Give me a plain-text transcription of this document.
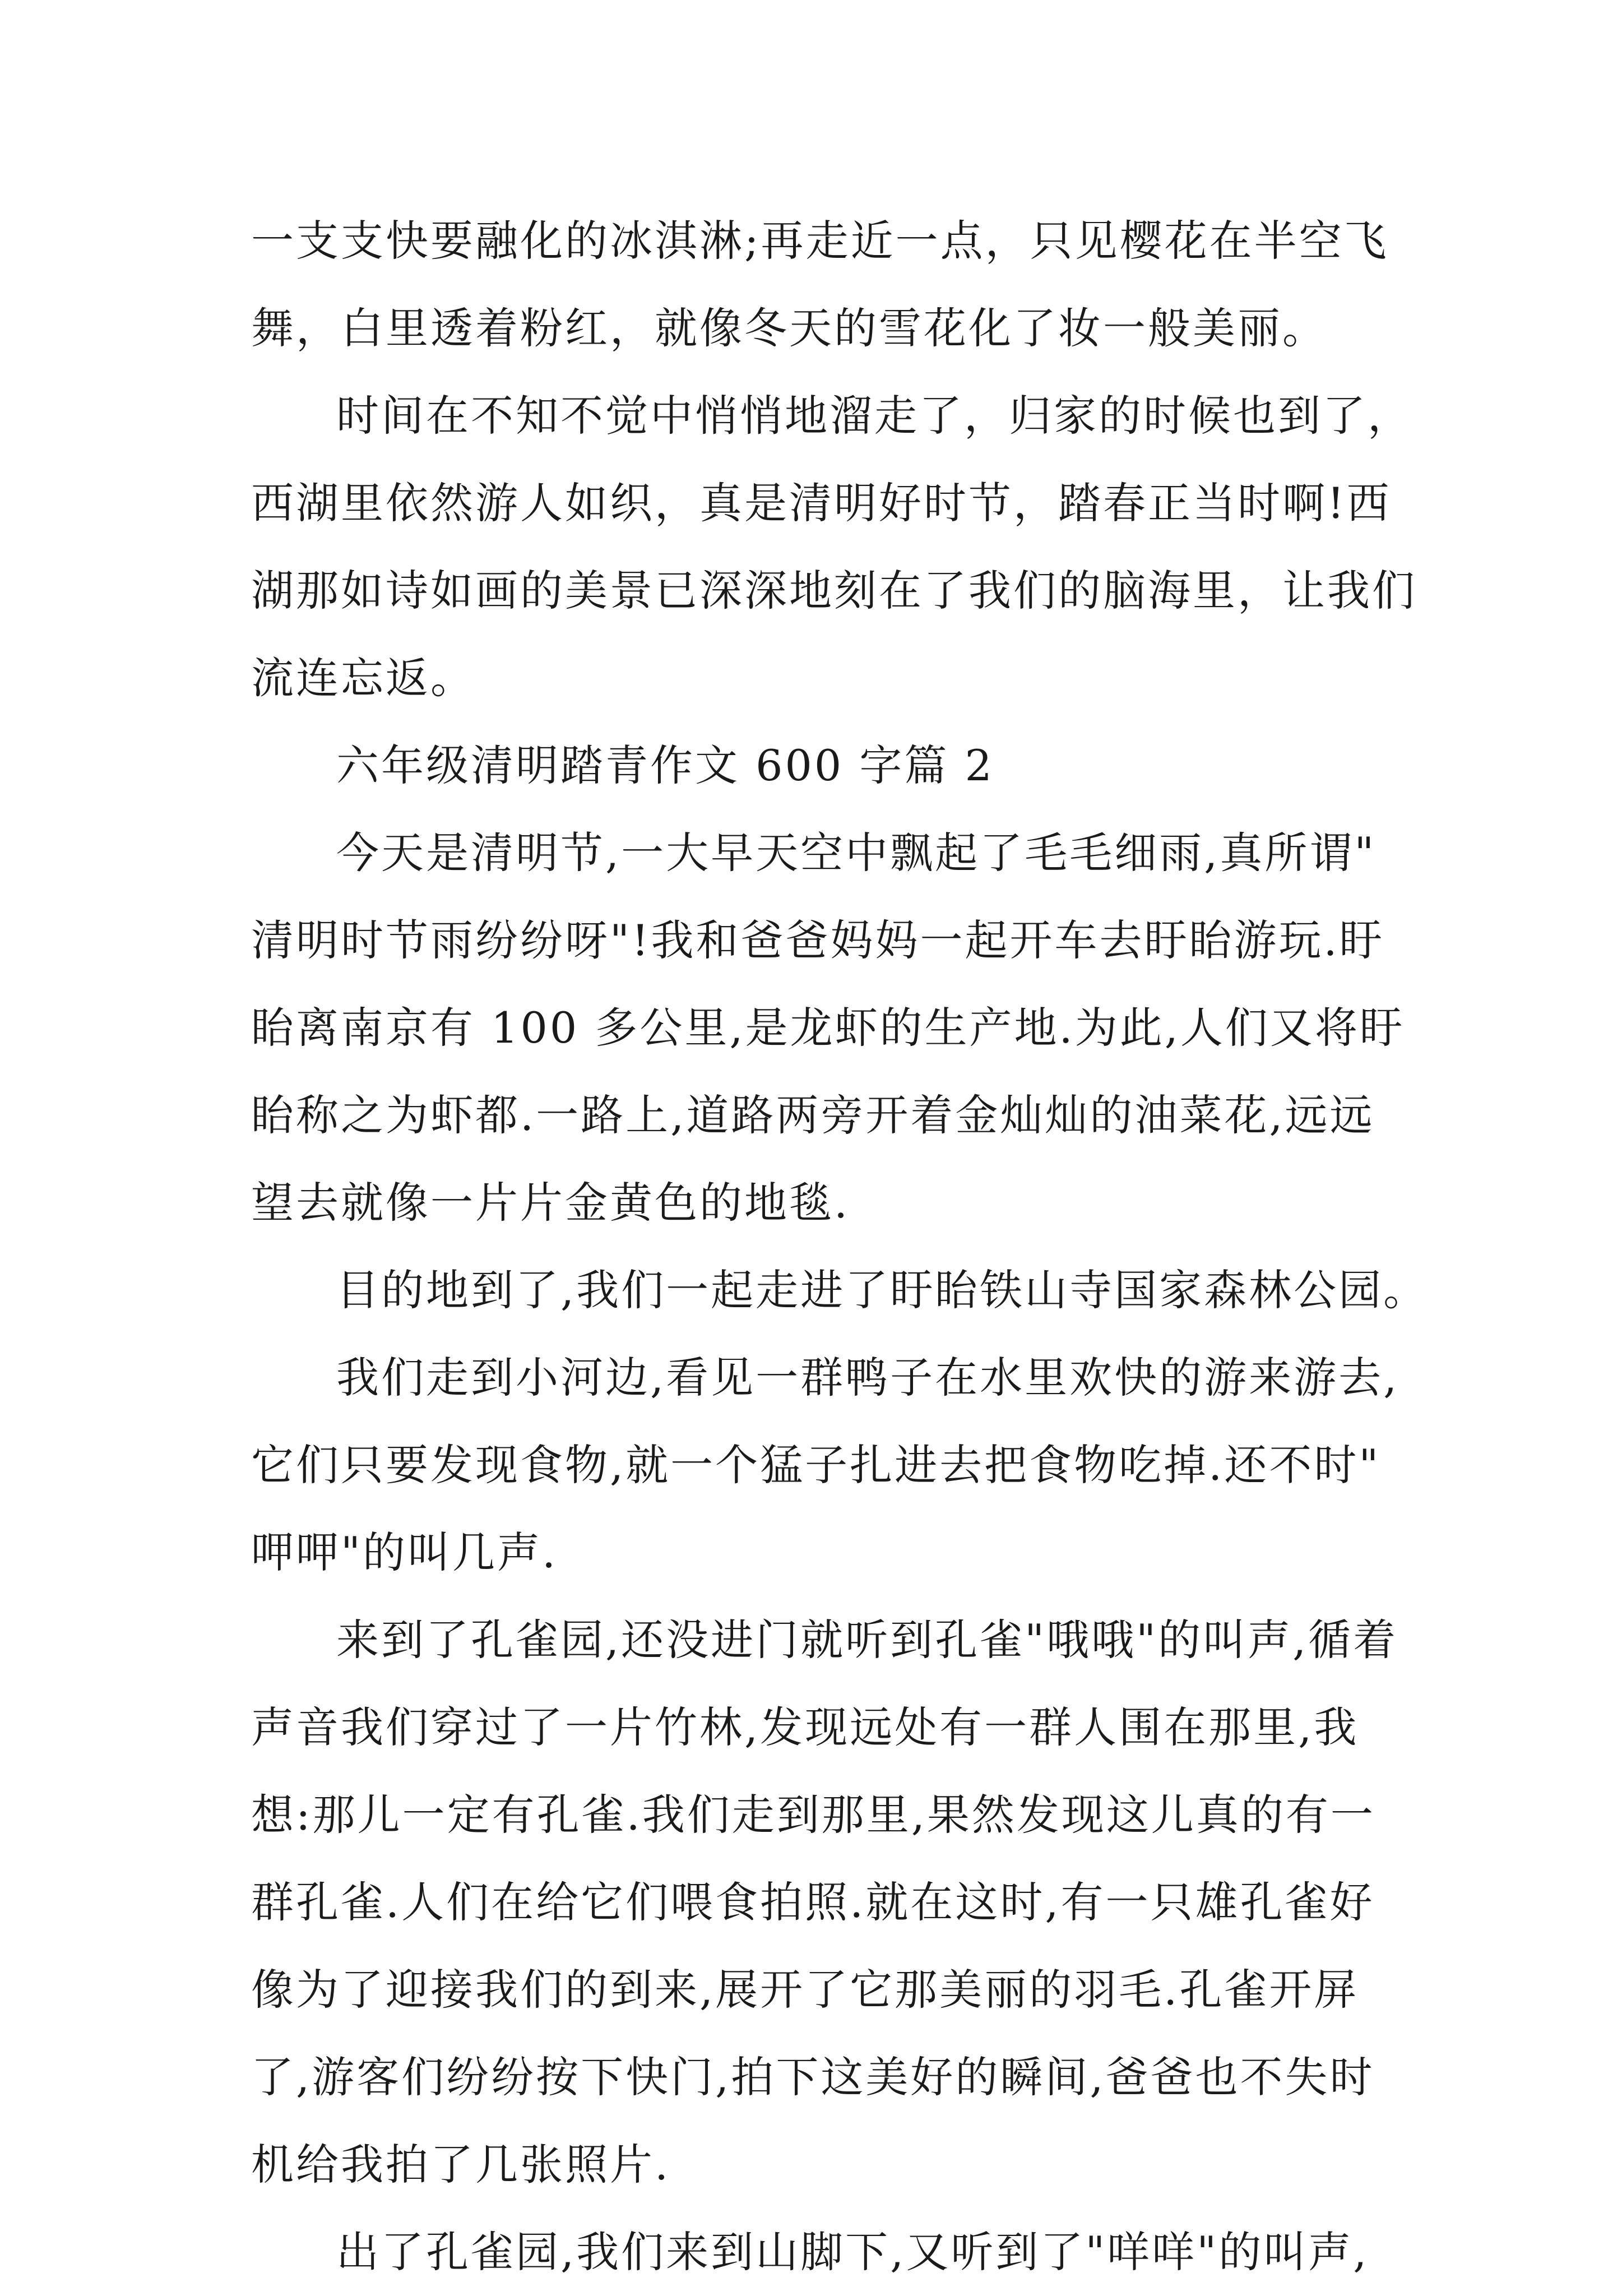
一支支快要融化的冰淇淋;再走近一点，只见樱花在半空飞
舞，白里透着粉红，就像冬天的雪花化了妆一般美丽。
时间在不知不觉中悄悄地溜走了，归家的时候也到了，
西湖里依然游人如织，真是清明好时节，踏春正当时啊!西
湖那如诗如画的美景已深深地刻在了我们的脑海里，让我们
流连忘返。
六年级清明踏青作文 600 字篇 2
今天是清明节,一大早天空中飘起了毛毛细雨,真所谓"
清明时节雨纷纷呀"!我和爸爸妈妈一起开车去盱眙游玩.盱
眙离南京有 100 多公里,是龙虾的生产地.为此,人们又将盱
眙称之为虾都.一路上,道路两旁开着金灿灿的油菜花,远远
望去就像一片片金黄色的地毯.
目的地到了,我们一起走进了盱眙铁山寺国家森林公园。
我们走到小河边,看见一群鸭子在水里欢快的游来游去,
它们只要发现食物,就一个猛子扎进去把食物吃掉.还不时"
呷呷"的叫几声.
来到了孔雀园,还没进门就听到孔雀"哦哦"的叫声,循着
声音我们穿过了一片竹林,发现远处有一群人围在那里,我
想:那儿一定有孔雀.我们走到那里,果然发现这儿真的有一
群孔雀.人们在给它们喂食拍照.就在这时,有一只雄孔雀好
像为了迎接我们的到来,展开了它那美丽的羽毛.孔雀开屏
了,游客们纷纷按下快门,拍下这美好的瞬间,爸爸也不失时
机给我拍了几张照片.
出了孔雀园,我们来到山脚下,又听到了"咩咩"的叫声,
